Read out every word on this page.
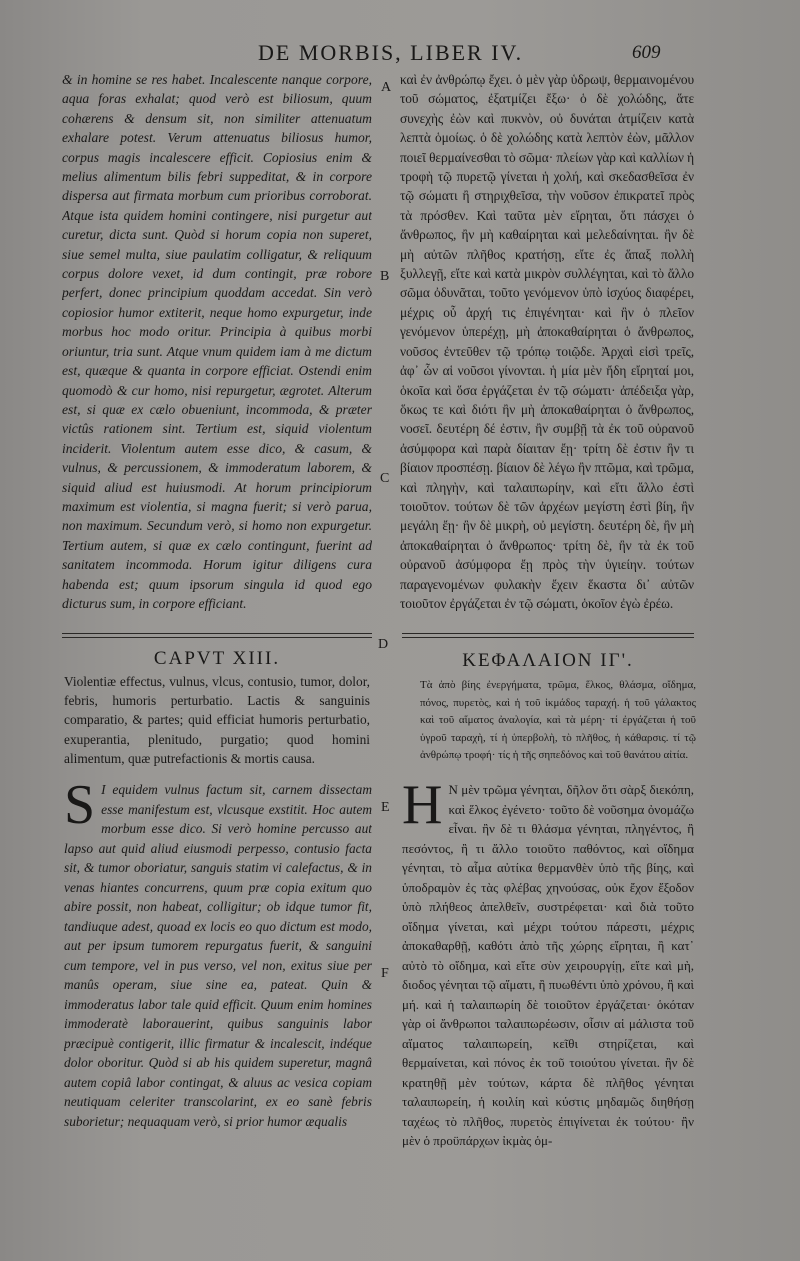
DE MORBIS, LIBER IV.	609

& in homine se res habet. Incalescente nanque corpore, aqua foras exhalat; quod verò est biliosum, quum cohærens & densum sit, non similiter attenuatum exhalare potest. Verum attenuatus biliosus humor, corpus magis incalescere efficit. Copiosius enim & melius alimentum bilis febri suppeditat, & in corpore dispersa aut firmata morbum cum prioribus corroborat. Atque ista quidem homini contingere, nisi purgetur aut curetur, dicta sunt. Quòd si horum copia non superet, siue semel multa, siue paulatim colligatur, & reliquum corpus dolore vexet, id dum contingit, præ robore perfert, donec principium quoddam accedat. Sin verò copiosior humor extiterit, neque homo expurgetur, inde morbus hoc modo oritur. Principia à quibus morbi oriuntur, tria sunt. Atque vnum quidem iam à me dictum est, quæque & quanta in corpore efficiat. Ostendi enim quomodò & cur homo, nisi repurgetur, ægrotet. Alterum est, si quæ ex cælo obueniunt, incommoda, & præter victûs rationem sint. Tertium est, siquid violentum inciderit. Violentum autem esse dico, & casum, & vulnus, & percussionem, & immoderatum laborem, & siquid aliud est huiusmodi. At horum principiorum maximum est violentia, si magna fuerit; si verò parua, non maximum. Secundum verò, si homo non expurgetur. Tertium autem, si quæ ex cælo contingunt, fuerint ad sanitatem incommoda. Horum igitur diligens cura habenda est; quum ipsorum singula id quod ego dicturus sum, in corpore efficiant.

A
B
C
D
E
F

καὶ ἐν ἀνθρώπῳ ἔχει. ὁ μὲν γὰρ ὑδρωψ, θερμαινομένου τοῦ σώματος, ἐξατμίζει ἔξω· ὁ δὲ χολώδης, ἅτε συνεχὴς ἐὼν καὶ πυκνὸν, οὐ δυνάται ἀτμίζειν κατὰ λεπτὰ ὁμοίως. ὁ δὲ χολώδης κατὰ λεπτὸν ἐὼν, μᾶλλον ποιεῖ θερμαίνεσθαι τὸ σῶμα· πλείων γὰρ καὶ καλλίων ἡ τροφὴ τῷ πυρετῷ γίνεται ἡ χολή, καὶ σκεδασθεῖσα ἐν τῷ σώματι ἢ στηριχθεῖσα, τὴν νοῦσον ἐπικρατεῖ πρὸς τὰ πρόσθεν. Καὶ ταῦτα μὲν εἴρηται, ὅτι πάσχει ὁ ἄνθρωπος, ἢν μὴ καθαίρηται καὶ μελεδαίνηται. ἢν δὲ μὴ αὐτῶν πλῆθος κρατήσῃ, εἴτε ἐς ἅπαξ πολλὴ ξυλλεγῇ, εἴτε καὶ κατὰ μικρὸν συλλέγηται, καὶ τὸ ἄλλο σῶμα ὀδυνᾶται, τοῦτο γενόμενον ὑπὸ ἰσχύος διαφέρει, μέχρις οὗ ἀρχή τις ἐπιγένηται· καὶ ἢν ὁ πλεῖον γενόμενον ὑπερέχῃ, μὴ ἀποκαθαίρηται ὁ ἄνθρωπος, νοῦσος ἐντεῦθεν τῷ τρόπῳ τοιῷδε. Ἀρχαὶ εἰσὶ τρεῖς, ἀφ᾽ ὧν αἱ νοῦσοι γίνονται. ἡ μία μὲν ἤδη εἴρηταί μοι, ὁκοῖα καὶ ὅσα ἐργάζεται ἐν τῷ σώματι· ἀπέδειξα γὰρ, ὅκως τε καὶ διότι ἢν μὴ ἀποκαθαίρηται ὁ ἄνθρωπος, νοσεῖ. δευτέρη δέ ἐστιν, ἢν συμβῇ τὰ ἐκ τοῦ οὐρανοῦ ἀσύμφορα καὶ παρὰ δίαιταν ἔῃ· τρίτη δὲ ἐστιν ἢν τι βίαιον προσπέσῃ. βίαιον δὲ λέγω ἢν πτῶμα, καὶ τρῶμα, καὶ πληγὴν, καὶ ταλαιπωρίην, καὶ εἴτι ἄλλο ἐστὶ τοιοῦτον. τούτων δὲ τῶν ἀρχέων μεγίστη ἐστὶ βίη, ἢν μεγάλη ἔῃ· ἢν δὲ μικρὴ, οὐ μεγίστη. δευτέρη δὲ, ἢν μὴ ἀποκαθαίρηται ὁ ἄνθρωπος· τρίτη δὲ, ἢν τὰ ἐκ τοῦ οὐρανοῦ ἀσύμφορα ἔῃ πρὸς τὴν ὑγιείην. τούτων παραγενομένων φυλακὴν ἔχειν ἕκαστα δι᾽ αὐτῶν τοιοῦτον ἐργάζεται ἐν τῷ σώματι, ὁκοῖον ἐγὼ ἐρέω.

CAPVT XIII.	ΚΕΦΑΛΑΙΟΝ ΙΓ'.
Violentiæ effectus, vulnus, vlcus, contusio, tumor, dolor, febris, humoris perturbatio. Lactis & sanguinis comparatio, & partes; quid efficiat humoris perturbatio, exuperantia, plenitudo, purgatio; quod homini alimentum, quæ putrefactionis & mortis causa.
Τὰ ἀπὸ βίης ἐνεργήματα, τρῶμα, ἕλκος, θλάσμα, οἴδημα, πόνος, πυρετὸς, καὶ ἡ τοῦ ἰκμάδος ταραχή. ἡ τοῦ γάλακτος καὶ τοῦ αἵματος ἀναλογία, καὶ τὰ μέρη· τί ἐργάζεται ἡ τοῦ ὑγροῦ ταραχὴ, τί ἡ ὑπερβολὴ, τὸ πλῆθος, ἡ κάθαρσις. τί τῷ ἀνθρώπῳ τροφή· τίς ἡ τῆς σηπεδόνος καὶ τοῦ θανάτου αἰτία.
S I equidem vulnus factum sit, carnem dissectam esse manifestum est, vlcusque exstitit. Hoc autem morbum esse dico. Si verò homine percusso aut lapso aut quid aliud eiusmodi perpesso, contusio facta sit, & tumor oboriatur, sanguis statim vi calefactus, & in venas hiantes concurrens, quum præ copia exitum quo abire possit, non habeat, colligitur; ob idque tumor fit, tandiuque adest, quoad ex locis eo quo dictum est modo, aut per ipsum tumorem repurgatus fuerit, & sanguini cum tempore, vel in pus verso, vel non, exitus siue per manûs operam, siue sine ea, pateat. Quin & immoderatus labor tale quid efficit. Quum enim homines immoderatè laborauerint, quibus sanguinis labor præcipuè contigerit, illic firmatur & incalescit, indéque dolor oboritur. Quòd si ab his quidem superetur, magnâ autem copiâ labor contingat, & aluus ac vesica copiam neutiquam celeriter transcolarint, ex eo sanè febris suborietur; nequaquam verò, si prior humor æqualis
Η Ν μὲν τρῶμα γένηται, δῆλον ὅτι σὰρξ διεκόπη, καὶ ἕλκος ἐγένετο· τοῦτο δὲ νοῦσημα ὀνομάζω εἶναι. ἢν δὲ τι θλάσμα γένηται, πληγέντος, ἢ πεσόντος, ἢ τι ἄλλο τοιοῦτο παθόντος, καὶ οἴδημα γένηται, τὸ αἷμα αὐτίκα θερμανθὲν ὑπὸ τῆς βίης, καὶ ὑποδραμὸν ἐς τὰς φλέβας χηνούσας, οὐκ ἔχον ἔξοδον ὑπὸ πλήθεος ἀπελθεῖν, συστρέφεται· καὶ διὰ τοῦτο οἴδημα γίνεται, καὶ μέχρι τούτου πάρεστι, μέχρις ἀποκαθαρθῇ, καθότι ἀπὸ τῆς χώρης εἴρηται, ἢ κατ᾽ αὐτὸ τὸ οἴδημα, καὶ εἴτε σὺν χειρουργίῃ, εἴτε καὶ μὴ, διοδος γένηται τῷ αἵματι, ἢ πυωθέντι ὑπὸ χρόνου, ἢ καὶ μή. καὶ ἡ ταλαιπωρίη δὲ τοιοῦτον ἐργάζεται· ὁκόταν γὰρ οἱ ἄνθρωποι ταλαιπωρέωσιν, οἷσιν αἱ μάλιστα τοῦ αἵματος ταλαιπωρείη, κεῖθι στηρίζεται, καὶ θερμαίνεται, καὶ πόνος ἐκ τοῦ τοιούτου γίνεται. ἢν δὲ κρατηθῇ μὲν τούτων, κάρτα δὲ πλῆθος γένηται ταλαιπωρείη, ἡ κοιλίη καὶ κύστις μηδαμῶς διηθήσῃ ταχέως τὸ πλῆθος, πυρετὸς ἐπιγίνεται ἐκ τούτου· ἢν μὲν ὁ προϋπάρχων ἰκμὰς ὁμ-
